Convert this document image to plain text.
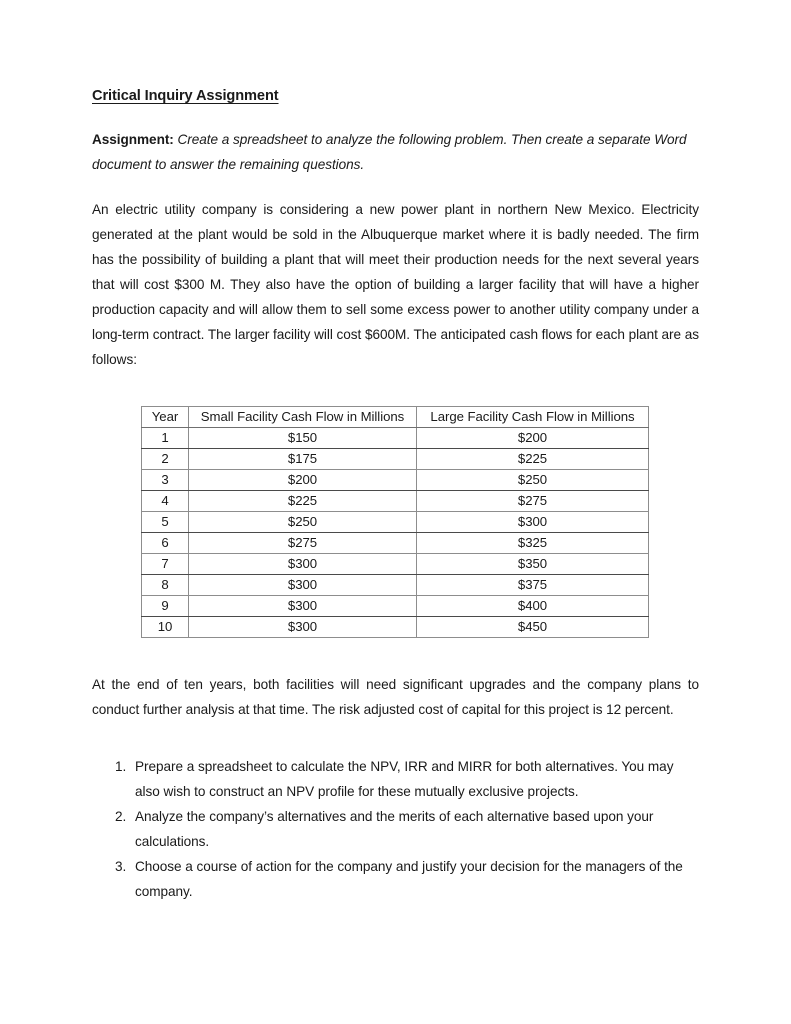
Critical Inquiry Assignment

Assignment: Create a spreadsheet to analyze the following problem. Then create a separate Word document to answer the remaining questions.

An electric utility company is considering a new power plant in northern New Mexico. Electricity generated at the plant would be sold in the Albuquerque market where it is badly needed. The firm has the possibility of building a plant that will meet their production needs for the next several years that will cost $300 M. They also have the option of building a larger facility that will have a higher production capacity and will allow them to sell some excess power to another utility company under a long-term contract. The larger facility will cost $600M. The anticipated cash flows for each plant are as follows:

Year	Small Facility Cash Flow in Millions	Large Facility Cash Flow in Millions
1	$150	$200
2	$175	$225
3	$200	$250
4	$225	$275
5	$250	$300
6	$275	$325
7	$300	$350
8	$300	$375
9	$300	$400
10	$300	$450

At the end of ten years, both facilities will need significant upgrades and the company plans to conduct further analysis at that time. The risk adjusted cost of capital for this project is 12 percent.

1. Prepare a spreadsheet to calculate the NPV, IRR and MIRR for both alternatives. You may also wish to construct an NPV profile for these mutually exclusive projects.
2. Analyze the company’s alternatives and the merits of each alternative based upon your calculations.
3. Choose a course of action for the company and justify your decision for the managers of the company.
